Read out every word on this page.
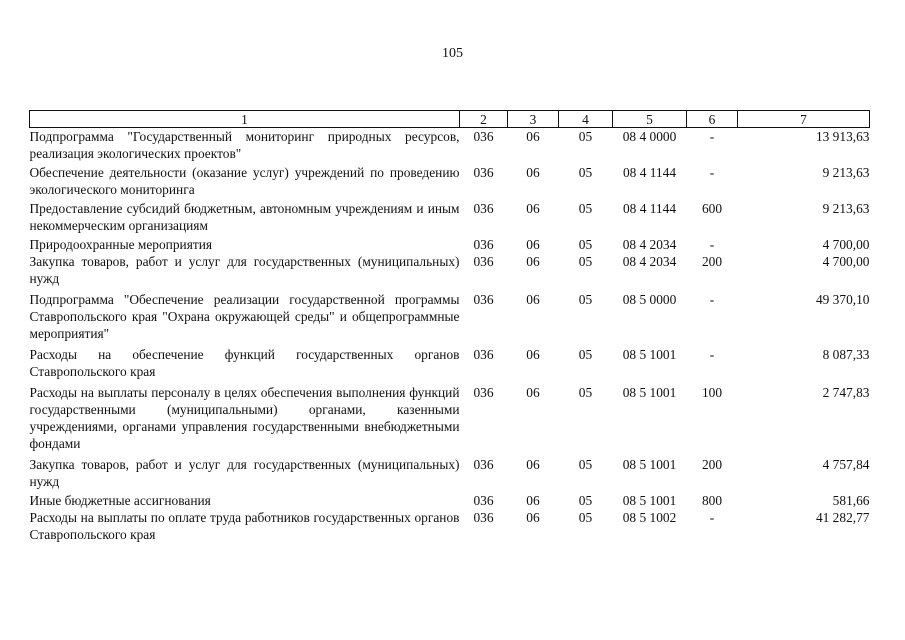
105
1	2	3	4	5	6	7
Подпрограмма "Государственный мониторинг природных ресурсов, реализация экологических проектов"	036	06	05	08 4 0000	-	13 913,63
Обеспечение деятельности (оказание услуг) учреждений по проведению экологического мониторинга	036	06	05	08 4 1144	-	9 213,63
Предоставление субсидий бюджетным, автономным учреждениям и иным некоммерческим организациям	036	06	05	08 4 1144	600	9 213,63
Природоохранные мероприятия	036	06	05	08 4 2034	-	4 700,00
Закупка товаров, работ и услуг для государственных (муниципальных) нужд	036	06	05	08 4 2034	200	4 700,00
Подпрограмма "Обеспечение реализации государственной программы Ставропольского края "Охрана окружающей среды" и общепрограммные мероприятия"	036	06	05	08 5 0000	-	49 370,10
Расходы на обеспечение функций государственных органов Ставропольского края	036	06	05	08 5 1001	-	8 087,33
Расходы на выплаты персоналу в целях обеспечения выполнения функций государственными (муниципальными) органами, казенными учреждениями, органами управления государственными внебюджетными фондами	036	06	05	08 5 1001	100	2 747,83
Закупка товаров, работ и услуг для государственных (муниципальных) нужд	036	06	05	08 5 1001	200	4 757,84
Иные бюджетные ассигнования	036	06	05	08 5 1001	800	581,66
Расходы на выплаты по оплате труда работников государственных органов Ставропольского края	036	06	05	08 5 1002	-	41 282,77
